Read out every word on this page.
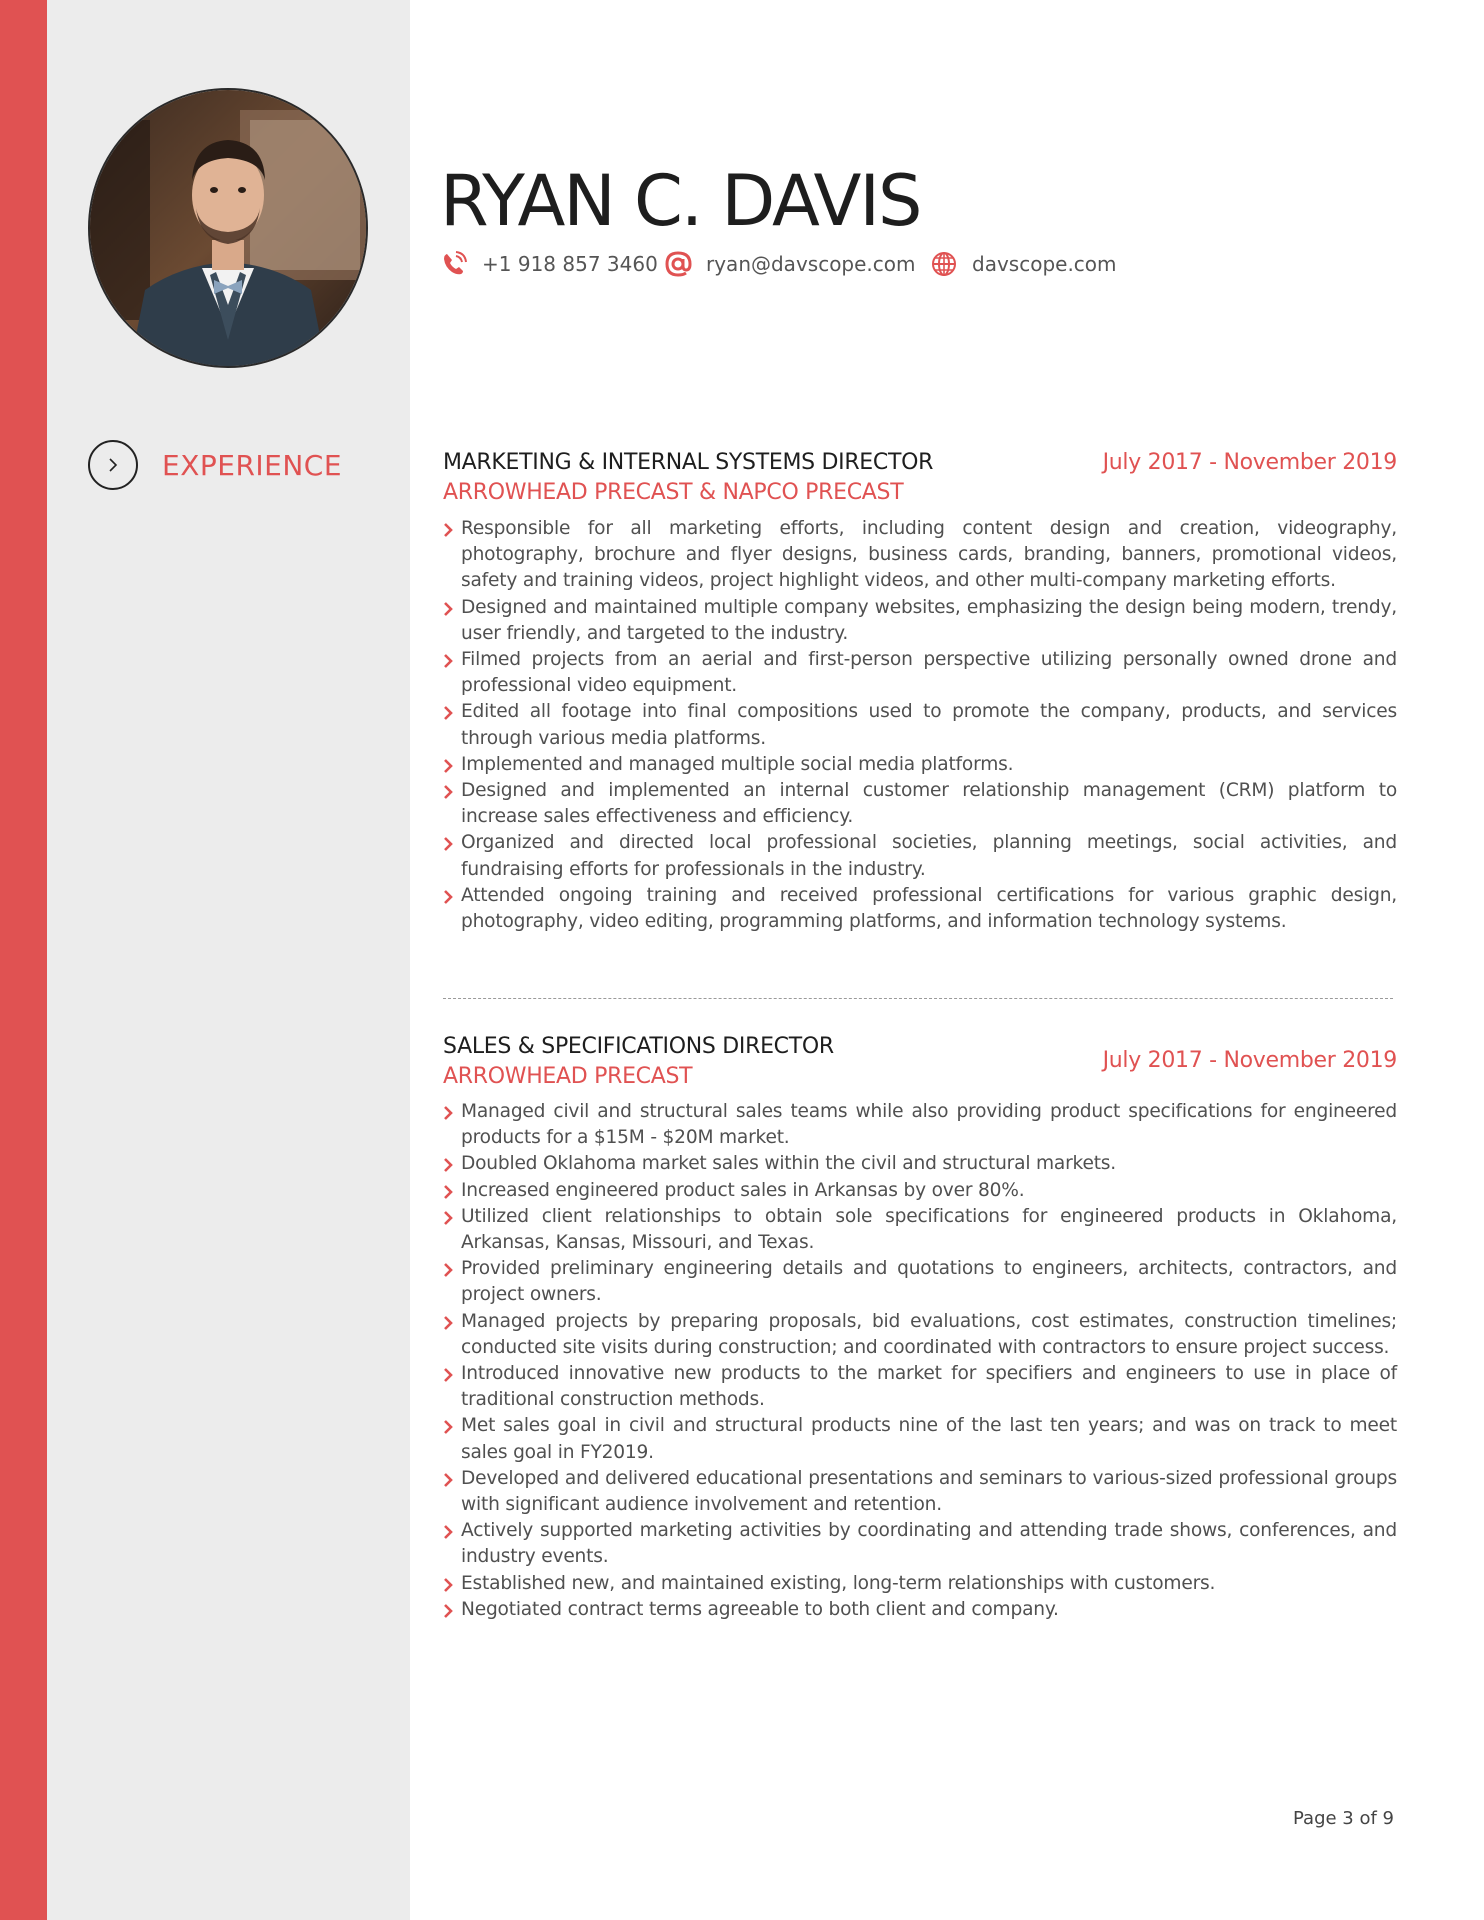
RYAN C. DAVIS
+1 918 857 3460 ryan@davscope.com	davscope.com
EXPERIENCE	MARKETING & INTERNAL SYSTEMS DIRECTOR
ARROWHEAD PRECAST & NAPCO PRECAST
July 2017 - November 2019
Responsible for all marketing efforts, including content design and creation, videography, photography, brochure and flyer designs, business cards, branding, banners, promotional videos, safety and training videos, project highlight videos, and other multi-company marketing efforts.
Designed and maintained multiple company websites, emphasizing the design being modern, trendy, user friendly, and targeted to the industry.
Filmed projects from an aerial and first-person perspective utilizing personally owned drone and professional video equipment.
Edited all footage into final compositions used to promote the company, products, and services through various media platforms.
Implemented and managed multiple social media platforms.
Designed and implemented an internal customer relationship management (CRM) platform to increase sales effectiveness and efficiency.
Organized and directed local professional societies, planning meetings, social activities, and fundraising efforts for professionals in the industry.
Attended ongoing training and received professional certifications for various graphic design, photography, video editing, programming platforms, and information technology systems.
SALES & SPECIFICATIONS DIRECTOR
ARROWHEAD PRECAST
July 2017 - November 2019
Managed civil and structural sales teams while also providing product specifications for engineered products for a $15M - $20M market.
Doubled Oklahoma market sales within the civil and structural markets.
Increased engineered product sales in Arkansas by over 80%.
Utilized client relationships to obtain sole specifications for engineered products in Oklahoma, Arkansas, Kansas, Missouri, and Texas.
Provided preliminary engineering details and quotations to engineers, architects, contractors, and project owners.
Managed projects by preparing proposals, bid evaluations, cost estimates, construction timelines; conducted site visits during construction; and coordinated with contractors to ensure project success.
Introduced innovative new products to the market for specifiers and engineers to use in place of traditional construction methods.
Met sales goal in civil and structural products nine of the last ten years; and was on track to meet sales goal in FY2019.
Developed and delivered educational presentations and seminars to various-sized professional groups with significant audience involvement and retention.
Actively supported marketing activities by coordinating and attending trade shows, conferences, and industry events.
Established new, and maintained existing, long-term relationships with customers.
Negotiated contract terms agreeable to both client and company.
Page 3 of 9
